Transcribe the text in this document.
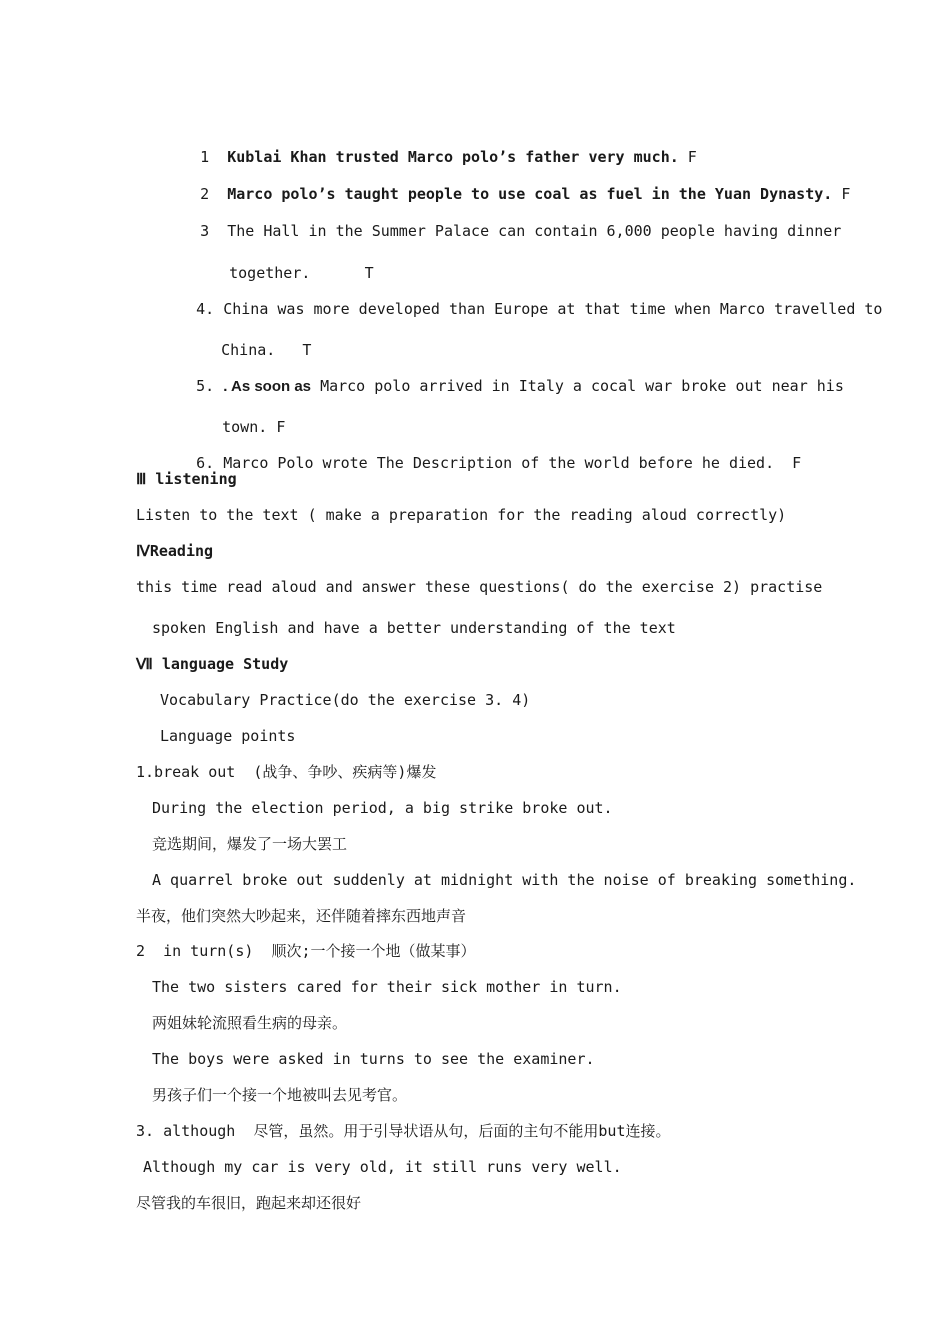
1 Kublai Khan trusted Marco polo’s father very much. F

2 Marco polo’s taught people to use coal as fuel in the Yuan Dynasty. F

3 The Hall in the Summer Palace can contain 6,000 people having dinner

together.	T

4. China was more developed than Europe at that time when Marco travelled to

China. T

5. . As soon as Marco polo arrived in Italy a cocal war broke out near his

town. F

6. Marco Polo wrote The Description of the world before he died. F

Ⅲ listening
Listen to the text ( make a preparation for the reading aloud correctly)
ⅣReading
this time read aloud and answer these questions( do the exercise 2) practise
spoken English and have a better understanding of the text
Ⅶ language Study
Vocabulary Practice(do the exercise 3. 4)
Language points
1.break out  (战争、争吵、疾病等)爆发
During the election period, a big strike broke out.
竞选期间，爆发了一场大罢工
A quarrel broke out suddenly at midnight with the noise of breaking something.
半夜，他们突然大吵起来，还伴随着摔东西地声音
2  in turn(s)  顺次;一个接一个地（做某事）
The two sisters cared for their sick mother in turn.
两姐妹轮流照看生病的母亲。
The boys were asked in turns to see the examiner.
男孩子们一个接一个地被叫去见考官。
3. although  尽管，虽然。用于引导状语从句，后面的主句不能用but连接。
Although my car is very old, it still runs very well.
尽管我的车很旧，跑起来却还很好
